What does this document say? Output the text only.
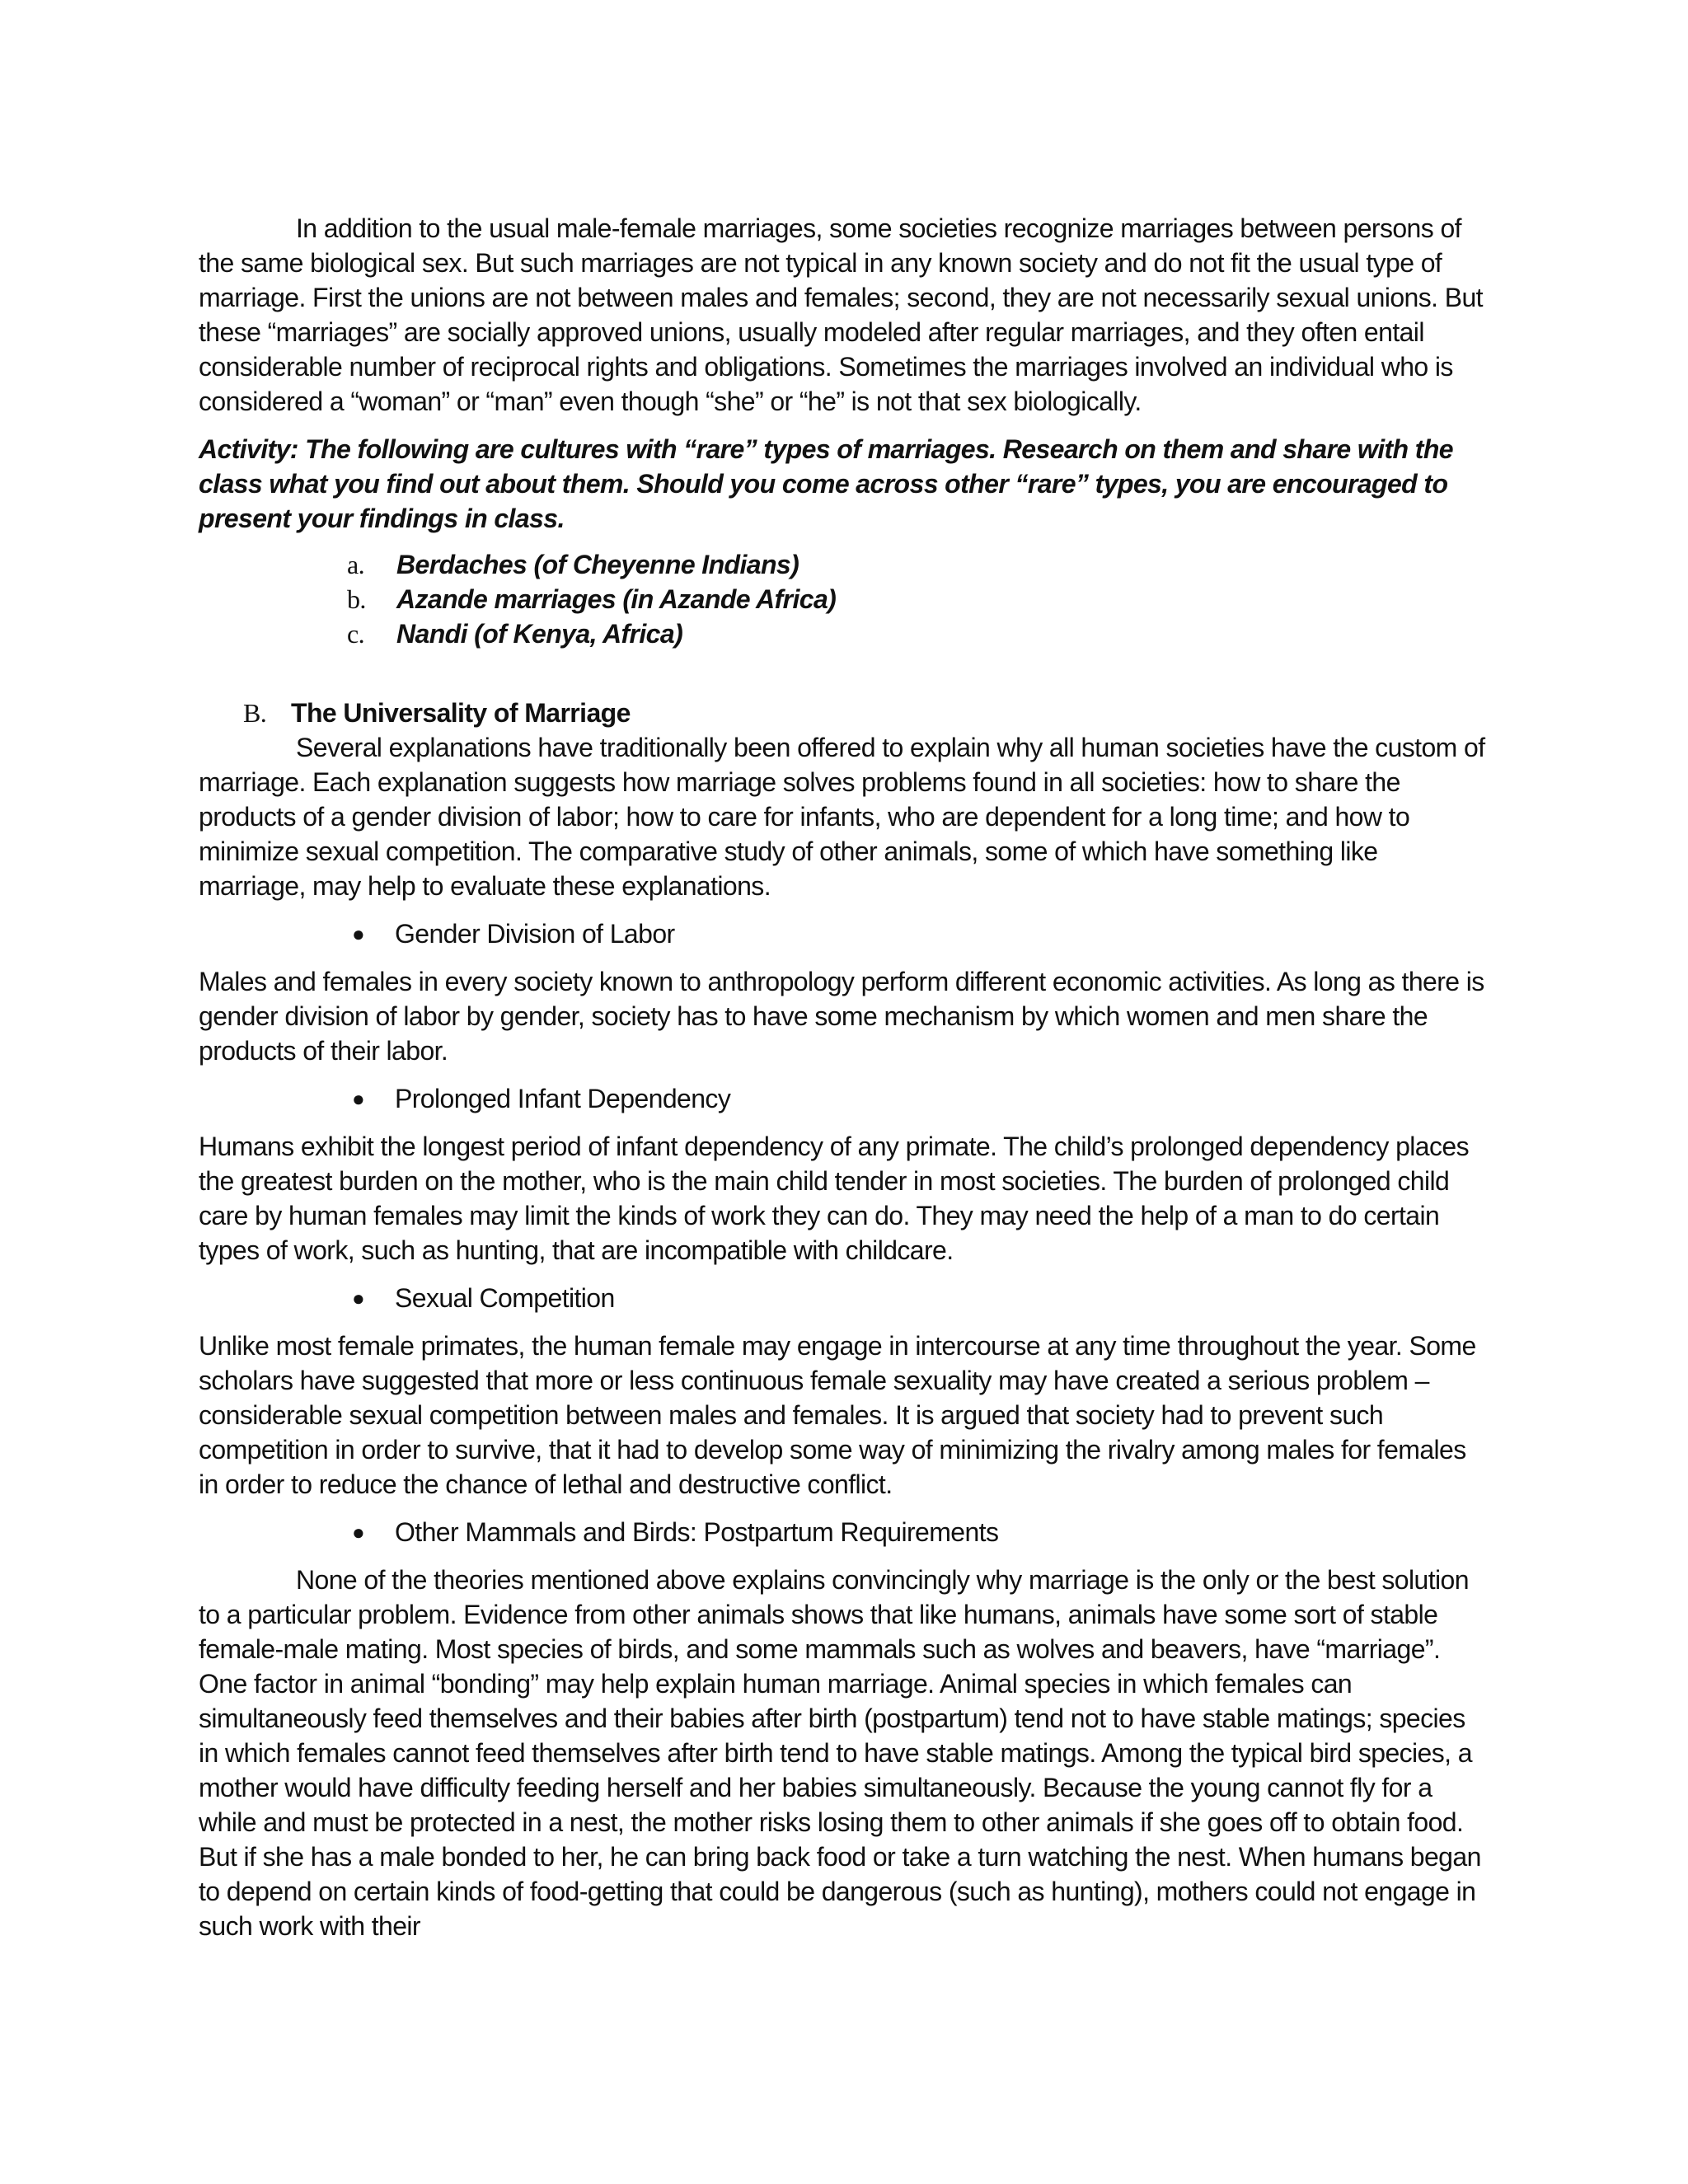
In addition to the usual male-female marriages, some societies recognize marriages between persons of the same biological sex. But such marriages are not typical in any known society and do not fit the usual type of marriage. First the unions are not between males and females; second, they are not necessarily sexual unions. But these “marriages” are socially approved unions, usually modeled after regular marriages, and they often entail considerable number of reciprocal rights and obligations. Sometimes the marriages involved an individual who is considered a “woman” or “man” even though “she” or “he” is not that sex biologically.

Activity: The following are cultures with “rare” types of marriages. Research on them and share with the class what you find out about them. Should you come across other “rare” types, you are encouraged to present your findings in class.

a. Berdaches (of Cheyenne Indians)
b. Azande marriages (in Azande Africa)
c. Nandi (of Kenya, Africa)
B. The Universality of Marriage

Several explanations have traditionally been offered to explain why all human societies have the custom of marriage. Each explanation suggests how marriage solves problems found in all societies: how to share the products of a gender division of labor; how to care for infants, who are dependent for a long time; and how to minimize sexual competition. The comparative study of other animals, some of which have something like marriage, may help to evaluate these explanations.

● Gender Division of Labor

Males and females in every society known to anthropology perform different economic activities. As long as there is gender division of labor by gender, society has to have some mechanism by which women and men share the products of their labor.

● Prolonged Infant Dependency

Humans exhibit the longest period of infant dependency of any primate. The child’s prolonged dependency places the greatest burden on the mother, who is the main child tender in most societies. The burden of prolonged child care by human females may limit the kinds of work they can do. They may need the help of a man to do certain types of work, such as hunting, that are incompatible with childcare.

● Sexual Competition

Unlike most female primates, the human female may engage in intercourse at any time throughout the year. Some scholars have suggested that more or less continuous female sexuality may have created a serious problem – considerable sexual competition between males and females. It is argued that society had to prevent such competition in order to survive, that it had to develop some way of minimizing the rivalry among males for females in order to reduce the chance of lethal and destructive conflict.

● Other Mammals and Birds: Postpartum Requirements

None of the theories mentioned above explains convincingly why marriage is the only or the best solution to a particular problem. Evidence from other animals shows that like humans, animals have some sort of stable female-male mating. Most species of birds, and some mammals such as wolves and beavers, have “marriage”. One factor in animal “bonding” may help explain human marriage. Animal species in which females can simultaneously feed themselves and their babies after birth (postpartum) tend not to have stable matings; species in which females cannot feed themselves after birth tend to have stable matings. Among the typical bird species, a mother would have difficulty feeding herself and her babies simultaneously. Because the young cannot fly for a while and must be protected in a nest, the mother risks losing them to other animals if she goes off to obtain food. But if she has a male bonded to her, he can bring back food or take a turn watching the nest. When humans began to depend on certain kinds of food-getting that could be dangerous (such as hunting), mothers could not engage in such work with their
